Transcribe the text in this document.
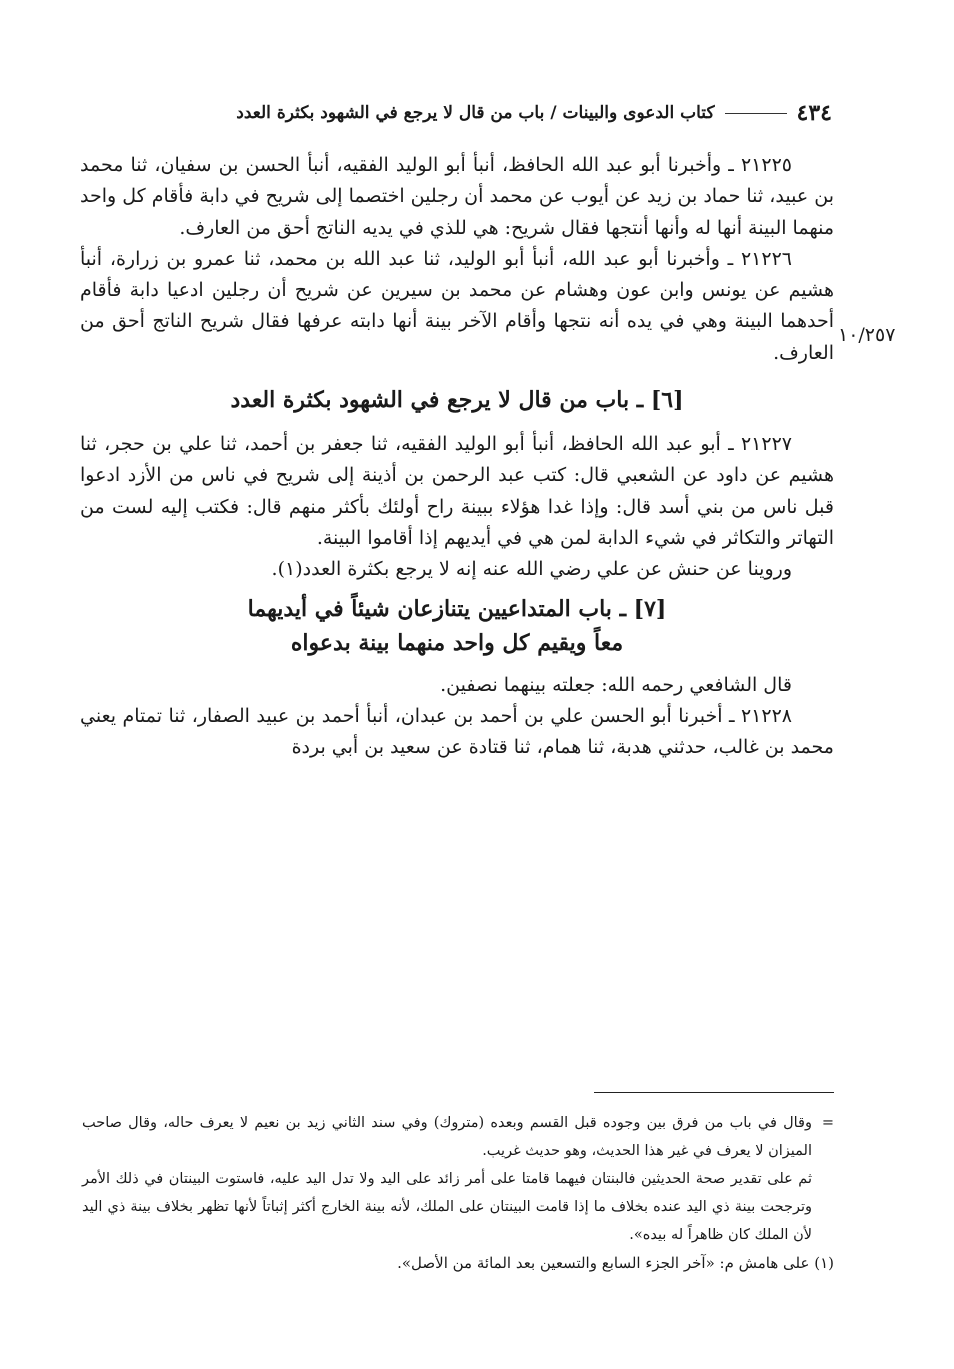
٤٣٤
كتاب الدعوى والبينات
/
باب من قال لا يرجع في الشهود بكثرة العدد
١٠/٢٥٧

٢١٢٢٥ ـ وأخبرنا أبو عبد الله الحافظ، أنبأ أبو الوليد الفقيه، أنبأ الحسن بن سفيان، ثنا محمد بن عبيد، ثنا حماد بن زيد عن أيوب عن محمد أن رجلين اختصما إلى شريح في دابة فأقام كل واحد منهما البينة أنها له وأنها أنتجها فقال شريح: هي للذي في يديه الناتج أحق من العارف.

٢١٢٢٦ ـ وأخبرنا أبو عبد الله، أنبأ أبو الوليد، ثنا عبد الله بن محمد، ثنا عمرو بن زرارة، أنبأ هشيم عن يونس وابن عون وهشام عن محمد بن سيرين عن شريح أن رجلين ادعيا دابة فأقام أحدهما البينة وهي في يده أنه نتجها وأقام الآخر بينة أنها دابته عرفها فقال شريح الناتج أحق من العارف.

[٦] ـ باب من قال لا يرجع في الشهود بكثرة العدد

٢١٢٢٧ ـ أبو عبد الله الحافظ، أنبأ أبو الوليد الفقيه، ثنا جعفر بن أحمد، ثنا علي بن حجر، ثنا هشيم عن داود عن الشعبي قال: كتب عبد الرحمن بن أذينة إلى شريح في ناس من الأزد ادعوا قبل ناس من بني أسد قال: وإذا غدا هؤلاء ببينة راح أولئك بأكثر منهم قال: فكتب إليه لست من التهاتر والتكاثر في شيء الدابة لمن هي في أيديهم إذا أقاموا البينة.

وروينا عن حنش عن علي رضي الله عنه إنه لا يرجع بكثرة العدد(١).

[٧] ـ باب المتداعيين يتنازعان شيئاً في أيديهما
معاً ويقيم كل واحد منهما بينة بدعواه

قال الشافعي رحمه الله: جعلته بينهما نصفين.

٢١٢٢٨ ـ أخبرنا أبو الحسن علي بن أحمد بن عبدان، أنبأ أحمد بن عبيد الصفار، ثنا تمتام يعني محمد بن غالب، حدثني هدبة، ثنا همام، ثنا قتادة عن سعيد بن أبي بردة

=
وقال في باب من فرق بين وجوده قبل القسم وبعده (متروك) وفي سند الثاني زيد بن نعيم لا يعرف حاله، وقال صاحب الميزان لا يعرف في غير هذا الحديث، وهو حديث غريب.

ثم على تقدير صحة الحديثين فالبنتان فيهما قامتا على أمر زائد على اليد ولا تدل اليد عليه، فاستوت البينتان في ذلك الأمر وترجحت بينة ذي اليد عنده بخلاف ما إذا قامت البينتان على الملك، لأنه بينة الخارج أكثر إثباتاً لأنها تظهر بخلاف بينة ذي اليد لأن الملك كان ظاهراً له بيده».

(١) على هامش م: «آخر الجزء السابع والتسعين بعد المائة من الأصل».
